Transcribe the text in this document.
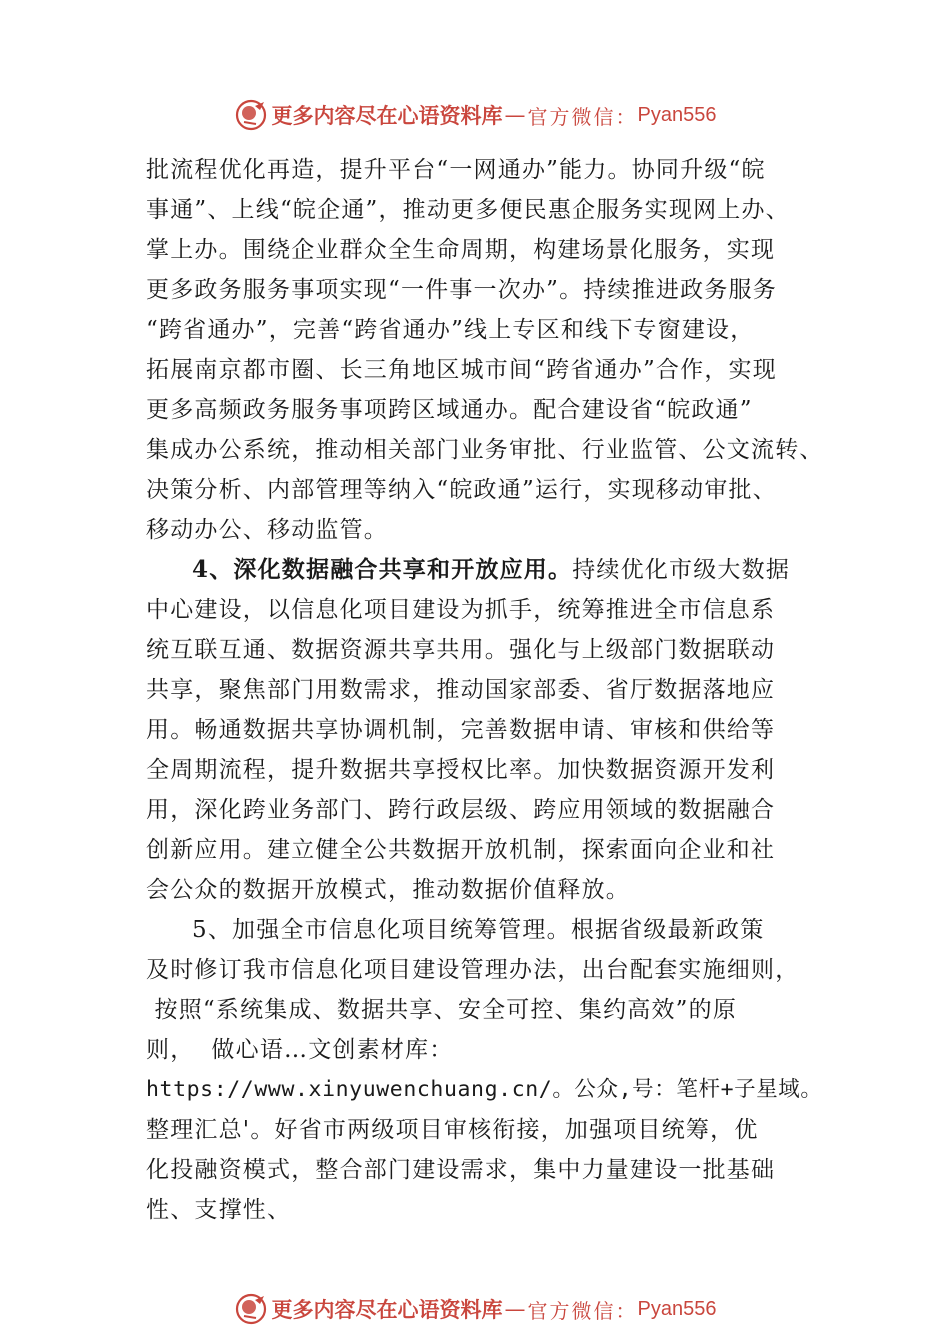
更多内容尽在心语资料库 — 官方微信： Pyan556
批流程优化再造，提升平台“一网通办”能力。协同升级“皖
事通”、上线“皖企通”，推动更多便民惠企服务实现网上办、
掌上办。围绕企业群众全生命周期，构建场景化服务，实现
更多政务服务事项实现“一件事一次办”。持续推进政务服务
“跨省通办”，完善“跨省通办”线上专区和线下专窗建设，
拓展南京都市圈、长三角地区城市间“跨省通办”合作，实现
更多高频政务服务事项跨区域通办。配合建设省“皖政通”
集成办公系统，推动相关部门业务审批、行业监管、公文流转、
决策分析、内部管理等纳入“皖政通”运行，实现移动审批、
移动办公、移动监管。
4、深化数据融合共享和开放应用。持续优化市级大数据
中心建设，以信息化项目建设为抓手，统筹推进全市信息系
统互联互通、数据资源共享共用。强化与上级部门数据联动
共享，聚焦部门用数需求，推动国家部委、省厅数据落地应
用。畅通数据共享协调机制，完善数据申请、审核和供给等
全周期流程，提升数据共享授权比率。加快数据资源开发利
用，深化跨业务部门、跨行政层级、跨应用领域的数据融合
创新应用。建立健全公共数据开放机制，探索面向企业和社
会公众的数据开放模式，推动数据价值释放。
5、加强全市信息化项目统筹管理。根据省级最新政策
及时修订我市信息化项目建设管理办法，出台配套实施细则，
按照“系统集成、数据共享、安全可控、集约高效”的原
则，  做心语…文创素材库：
https://www.xinyuwenchuang.cn/。公众,号：笔杆+子星域。
整理汇总'。好省市两级项目审核衔接，加强项目统筹，优
化投融资模式，整合部门建设需求，集中力量建设一批基础
性、支撑性、
更多内容尽在心语资料库 — 官方微信： Pyan556
